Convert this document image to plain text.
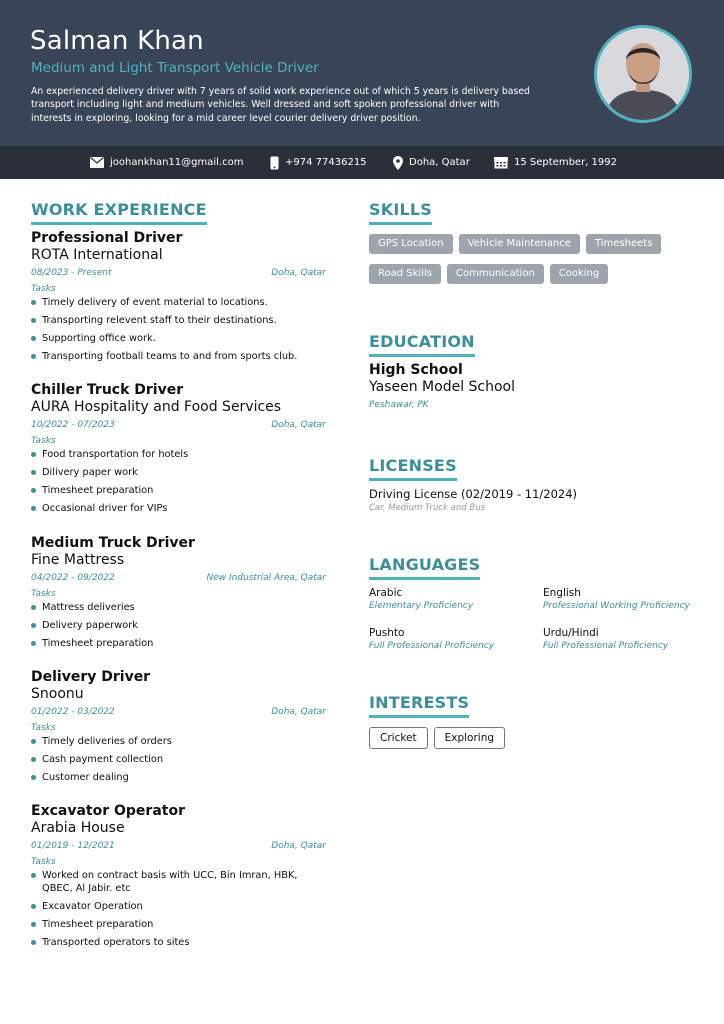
Salman Khan
Medium and Light Transport Vehicle Driver
An experienced delivery driver with 7 years of solid work experience out of which 5 years is delivery based transport including light and medium vehicles. Well dressed and soft spoken professional driver with interests in exploring, looking for a mid career level courier delivery driver position.
joohankhan11@gmail.com	+974 77436215	Doha, Qatar	15 September, 1992
WORK EXPERIENCE
Professional Driver
ROTA International
08/2023 - Present	Doha, Qatar
Tasks
Timely delivery of event material to locations.
Transporting relevent staff to their destinations.
Supporting office work.
Transporting football teams to and from sports club.
Chiller Truck Driver
AURA Hospitality and Food Services
10/2022 - 07/2023	Doha, Qatar
Tasks
Food transportation for hotels
Dilivery paper work
Timesheet preparation
Occasional driver for VIPs
Medium Truck Driver
Fine Mattress
04/2022 - 09/2022	New Industrial Area, Qatar
Tasks
Mattress deliveries
Delivery paperwork
Timesheet preparation
Delivery Driver
Snoonu
01/2022 - 03/2022	Doha, Qatar
Tasks
Timely deliveries of orders
Cash payment collection
Customer dealing
Excavator Operator
Arabia House
01/2019 - 12/2021	Doha, Qatar
Tasks
Worked on contract basis with UCC, Bin Imran, HBK, QBEC, Al Jabir. etc
Excavator Operation
Timesheet preparation
Transported operators to sites
SKILLS
GPS Location	Vehicle Maintenance	Timesheets
Road Skills	Communication	Cooking
EDUCATION
High School
Yaseen Model School
Peshawar, PK
LICENSES
Driving License (02/2019 - 11/2024)
Car, Medium Truck and Bus
LANGUAGES
Arabic
Elementary Proficiency
English
Professional Working Proficiency
Pushto
Full Professional Proficiency
Urdu/Hindi
Full Professional Proficiency
INTERESTS
Cricket	Exploring
